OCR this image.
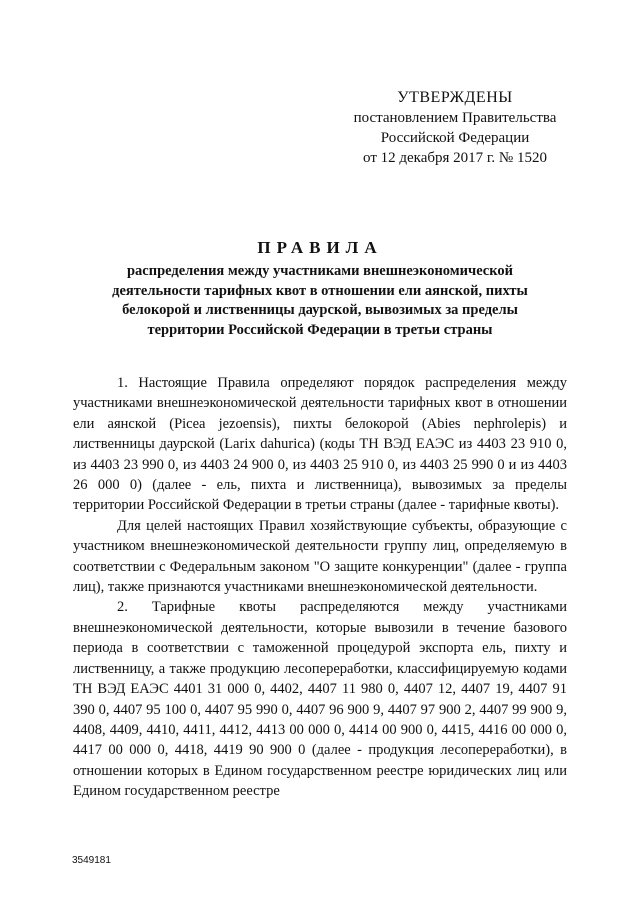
УТВЕРЖДЕНЫ
постановлением Правительства
Российской Федерации
от 12 декабря 2017 г. № 1520
ПРАВИЛА
распределения между участниками внешнеэкономической
деятельности тарифных квот в отношении ели аянской, пихты
белокорой и лиственницы даурской, вывозимых за пределы
территории Российской Федерации в третьи страны

1. Настоящие Правила определяют порядок распределения между участниками внешнеэкономической деятельности тарифных квот в отношении ели аянской (Picea jezoensis), пихты белокорой (Abies nephrolepis) и лиственницы даурской (Larix dahurica) (коды ТН ВЭД ЕАЭС из 4403 23 910 0, из 4403 23 990 0, из 4403 24 900 0, из 4403 25 910 0, из 4403 25 990 0 и из 4403 26 000 0) (далее - ель, пихта и лиственница), вывозимых за пределы территории Российской Федерации в третьи страны (далее - тарифные квоты).

Для целей настоящих Правил хозяйствующие субъекты, образующие с участником внешнеэкономической деятельности группу лиц, определяемую в соответствии с Федеральным законом "О защите конкуренции" (далее - группа лиц), также признаются участниками внешнеэкономической деятельности.

2. Тарифные квоты распределяются между участниками внешнеэкономической деятельности, которые вывозили в течение базового периода в соответствии с таможенной процедурой экспорта ель, пихту и лиственницу, а также продукцию лесопереработки, классифицируемую кодами ТН ВЭД ЕАЭС 4401 31 000 0, 4402, 4407 11 980 0, 4407 12, 4407 19, 4407 91 390 0, 4407 95 100 0, 4407 95 990 0, 4407 96 900 9, 4407 97 900 2, 4407 99 900 9, 4408, 4409, 4410, 4411, 4412, 4413 00 000 0, 4414 00 900 0, 4415, 4416 00 000 0, 4417 00 000 0, 4418, 4419 90 900 0 (далее - продукция лесопереработки), в отношении которых в Едином государственном реестре юридических лиц или Едином государственном реестре

3549181
